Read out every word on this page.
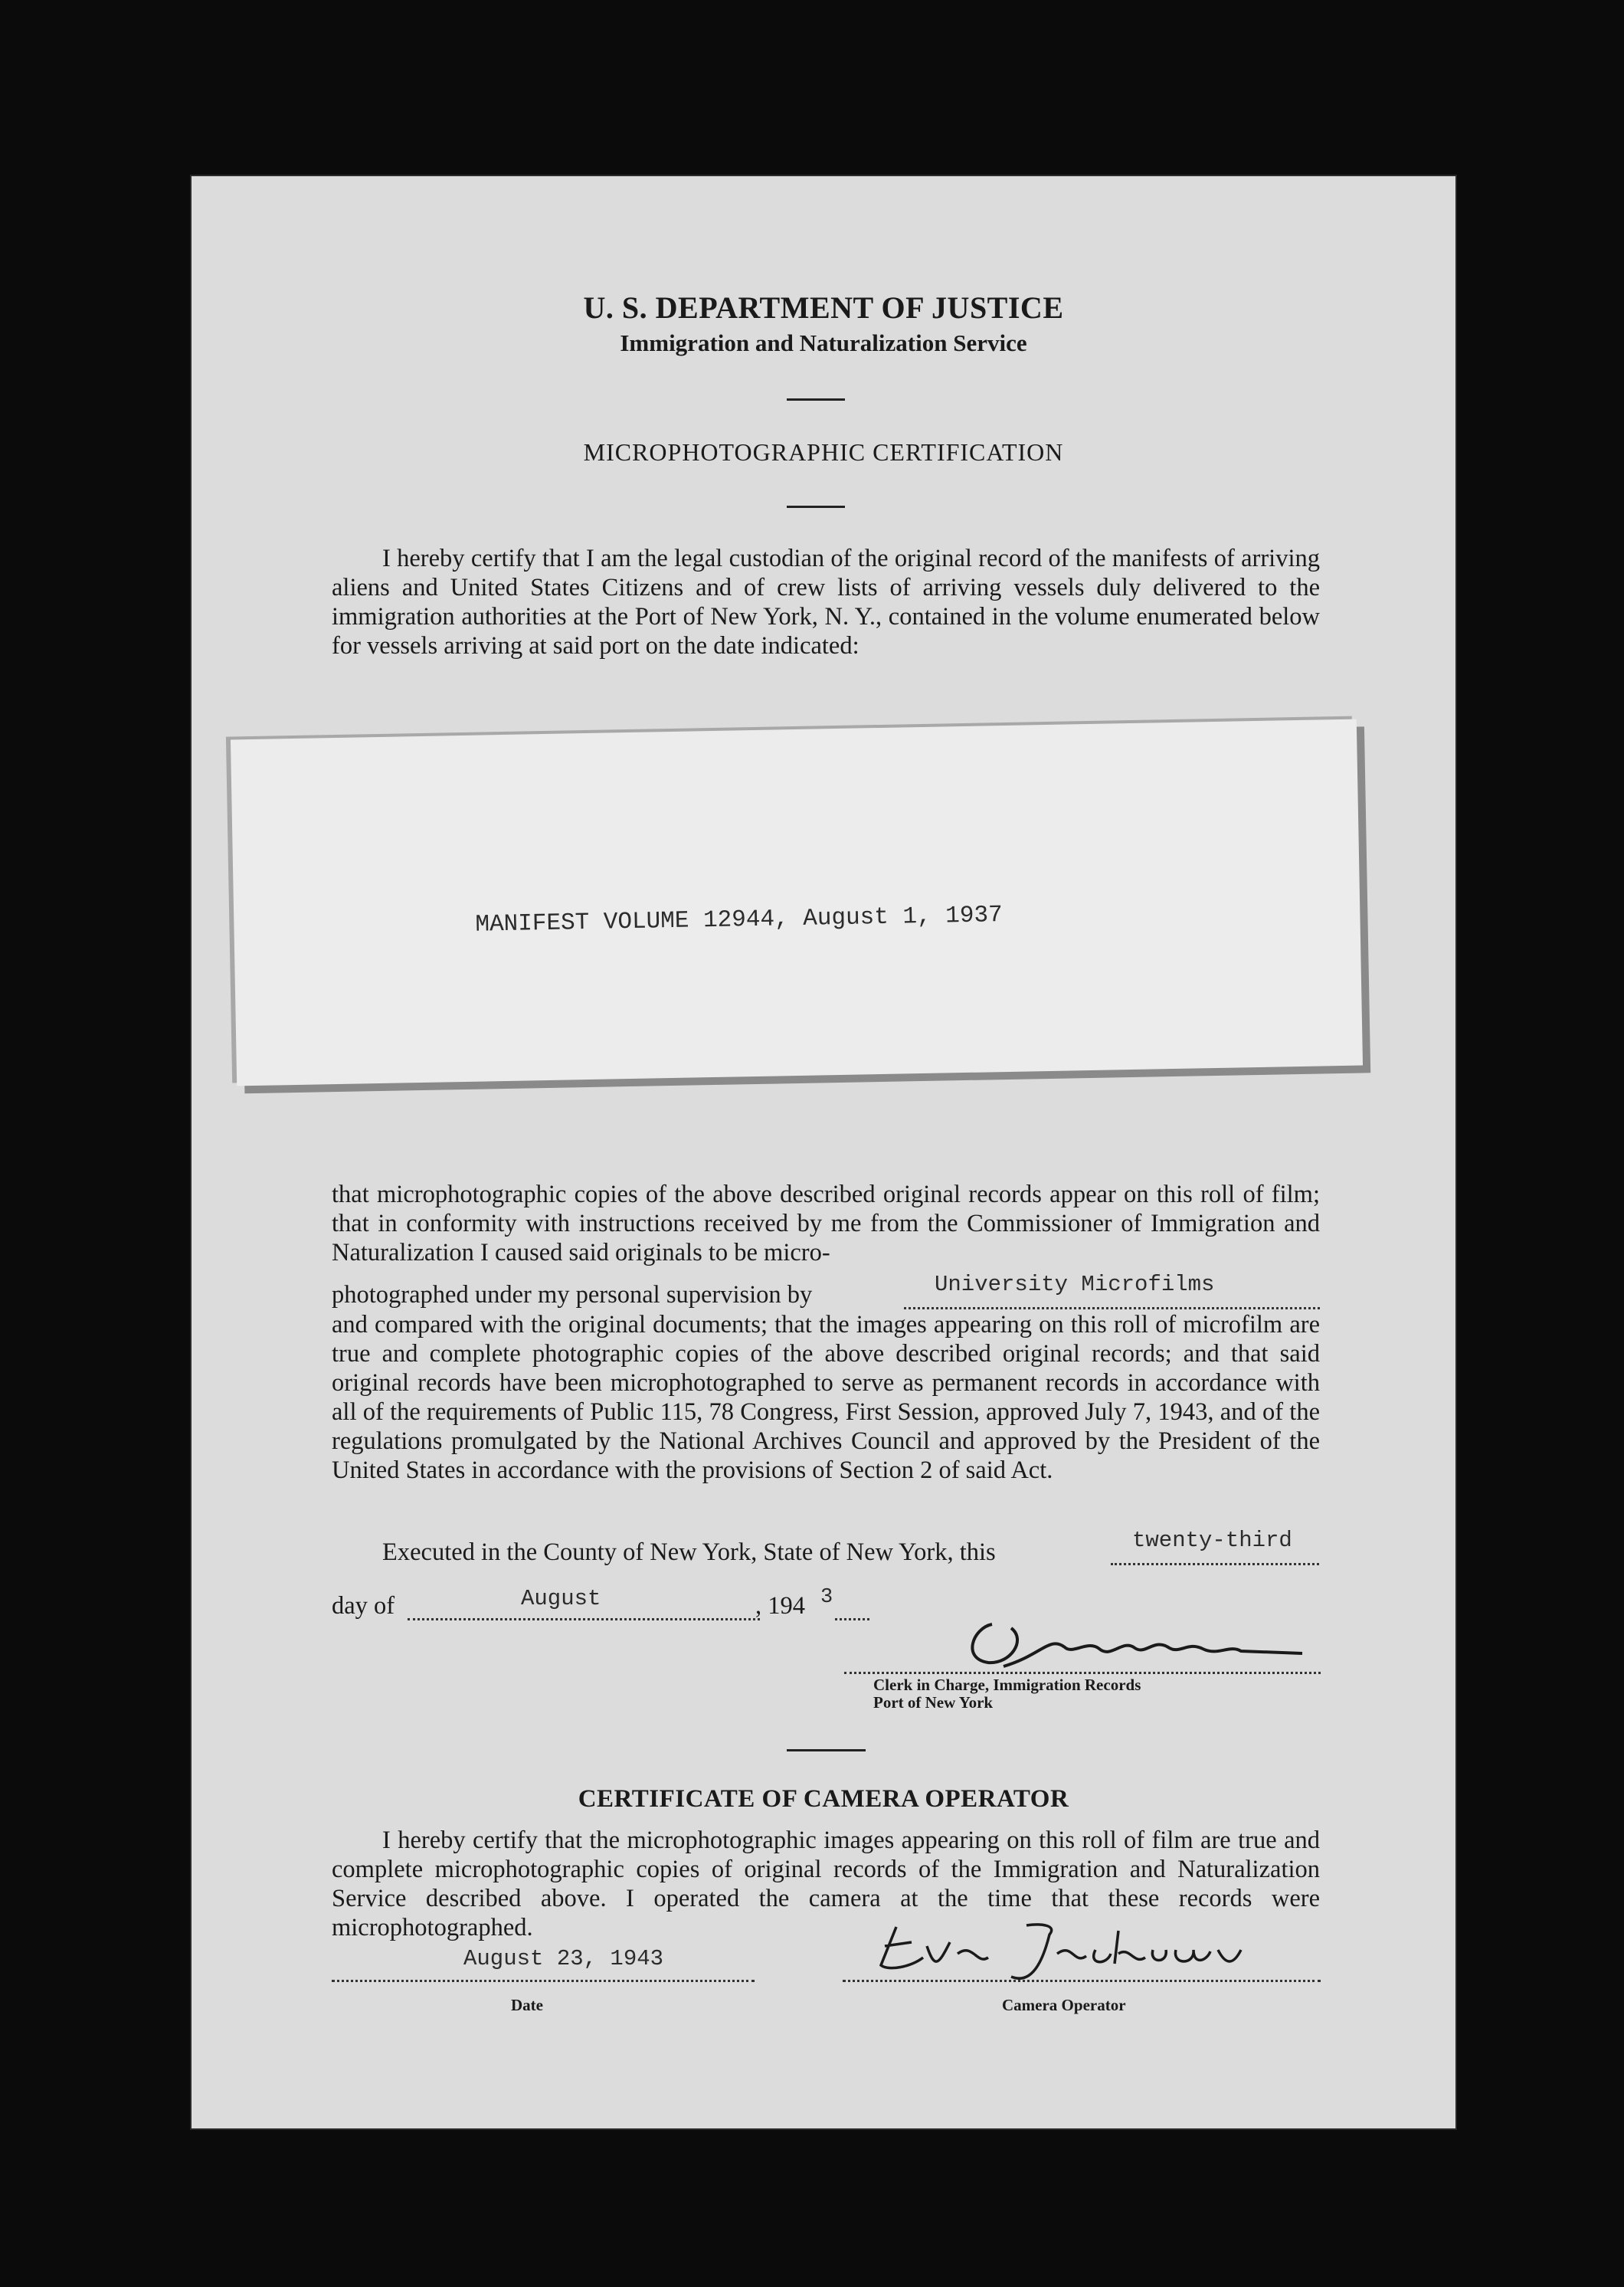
U. S. DEPARTMENT OF JUSTICE
Immigration and Naturalization Service
MICROPHOTOGRAPHIC CERTIFICATION
I hereby certify that I am the legal custodian of the original record of the manifests of arriving aliens and United States Citizens and of crew lists of arriving vessels duly delivered to the immigration authorities at the Port of New York, N. Y., contained in the volume enumerated below for vessels arriving at said port on the date indicated:
MANIFEST VOLUME 12944, August 1, 1937
that microphotographic copies of the above described original records appear on this roll of film; that in conformity with instructions received by me from the Commissioner of Immigration and Naturalization I caused said originals to be micro-
photographed under my personal supervision by	University Microfilms
and compared with the original documents; that the images appearing on this roll of microfilm are true and complete photographic copies of the above described original records; and that said original records have been microphotographed to serve as permanent records in accordance with all of the requirements of Public 115, 78 Congress, First Session, approved July 7, 1943, and of the regulations promulgated by the National Archives Council and approved by the President of the United States in accordance with the provisions of Section 2 of said Act.
Executed in the County of New York, State of New York, this	twenty-third
day of	August	, 194 3
Clerk in Charge, Immigration Records
Port of New York
CERTIFICATE OF CAMERA OPERATOR
I hereby certify that the microphotographic images appearing on this roll of film are true and complete microphotographic copies of original records of the Immigration and Naturalization Service described above. I operated the camera at the time that these records were microphotographed.
August 23, 1943
Date	Camera Operator
